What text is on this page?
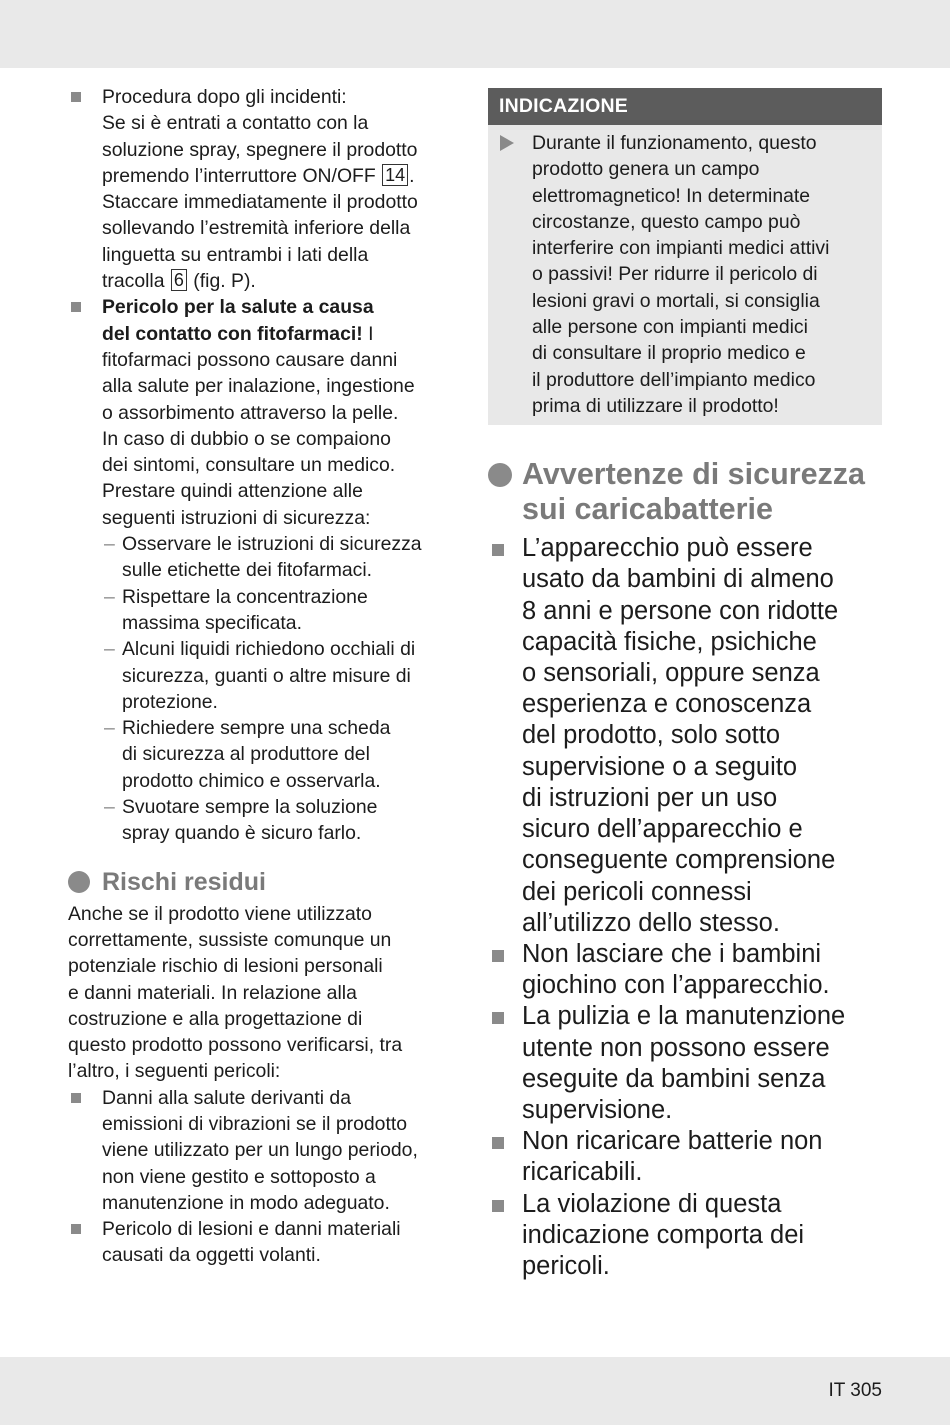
Procedura dopo gli incidenti:
Se si è entrati a contatto con la
soluzione spray, spegnere il prodotto
premendo l’interruttore ON/OFF 14 .
Staccare immediatamente il prodotto
sollevando l’estremità inferiore della
linguetta su entrambi i lati della
tracolla 6 (fig. P).
Pericolo per la salute a causa
del contatto con fitofarmaci! I
fitofarmaci possono causare danni
alla salute per inalazione, ingestione
o assorbimento attraverso la pelle.
In caso di dubbio o se compaiono
dei sintomi, consultare un medico.
Prestare quindi attenzione alle
seguenti istruzioni di sicurezza:
– Osservare le istruzioni di sicurezza
sulle etichette dei fitofarmaci.
– Rispettare la concentrazione
massima specificata.
– Alcuni liquidi richiedono occhiali di
sicurezza, guanti o altre misure di
protezione.
– Richiedere sempre una scheda
di sicurezza al produttore del
prodotto chimico e osservarla.
– Svuotare sempre la soluzione
spray quando è sicuro farlo.
Rischi residui
Anche se il prodotto viene utilizzato
correttamente, sussiste comunque un
potenziale rischio di lesioni personali
e danni materiali. In relazione alla
costruzione e alla progettazione di
questo prodotto possono verificarsi, tra
l’altro, i seguenti pericoli:
Danni alla salute derivanti da
emissioni di vibrazioni se il prodotto
viene utilizzato per un lungo periodo,
non viene gestito e sottoposto a
manutenzione in modo adeguato.
Pericolo di lesioni e danni materiali
causati da oggetti volanti.
INDICAZIONE
Durante il funzionamento, questo
prodotto genera un campo
elettromagnetico! In determinate
circostanze, questo campo può
interferire con impianti medici attivi
o passivi! Per ridurre il pericolo di
lesioni gravi o mortali, si consiglia
alle persone con impianti medici
di consultare il proprio medico e
il produttore dell’impianto medico
prima di utilizzare il prodotto!
Avvertenze di sicurezza
sui caricabatterie
L’apparecchio può essere
usato da bambini di almeno
8 anni e persone con ridotte
capacità fisiche, psichiche
o sensoriali, oppure senza
esperienza e conoscenza
del prodotto, solo sotto
supervisione o a seguito
di istruzioni per un uso
sicuro dell’apparecchio e
conseguente comprensione
dei pericoli connessi
all’utilizzo dello stesso.
Non lasciare che i bambini
giochino con l’apparecchio.
La pulizia e la manutenzione
utente non possono essere
eseguite da bambini senza
supervisione.
Non ricaricare batterie non
ricaricabili.
La violazione di questa
indicazione comporta dei
pericoli.
IT 305
